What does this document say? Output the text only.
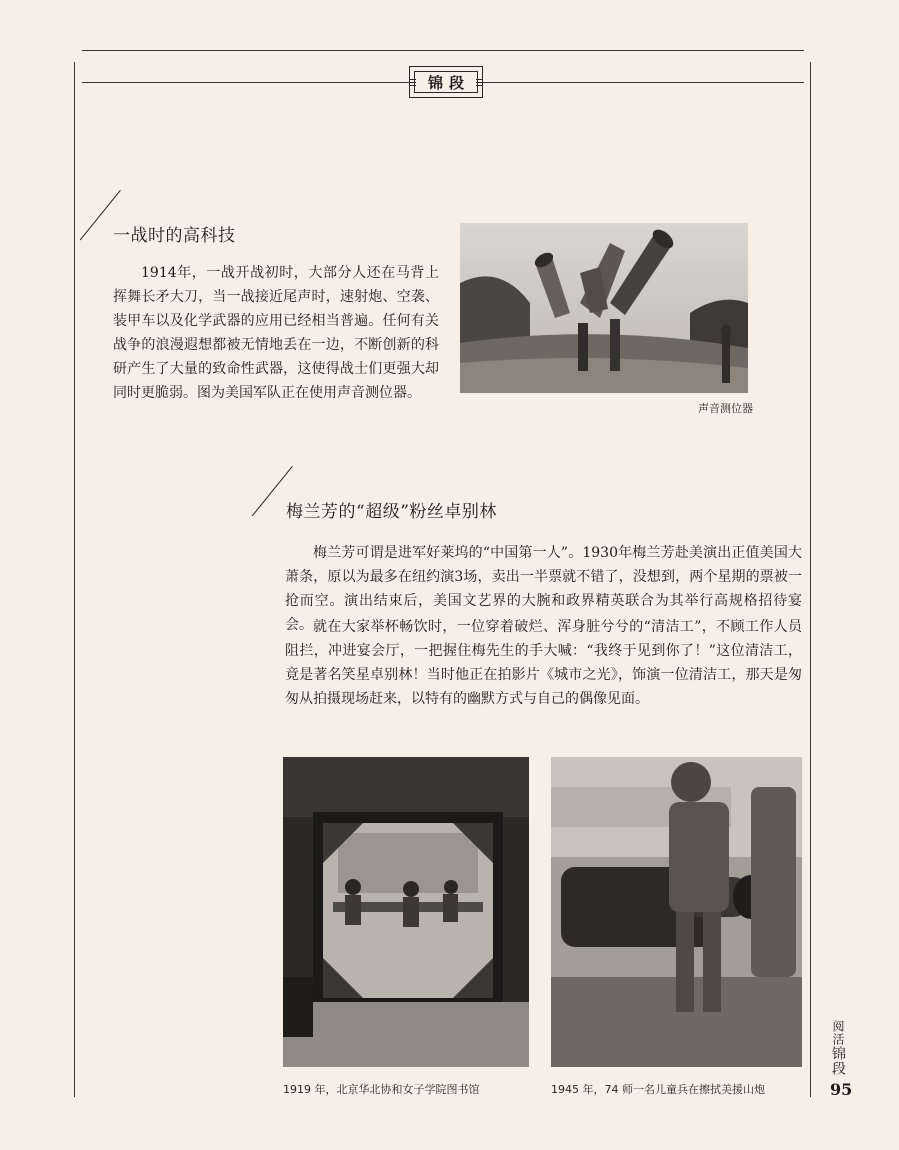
锦段
一战时的高科技

1914年，一战开战初时，大部分人还在马背上挥舞长矛大刀，当一战接近尾声时，速射炮、空袭、装甲车以及化学武器的应用已经相当普遍。任何有关战争的浪漫遐想都被无情地丢在一边，不断创新的科研产生了大量的致命性武器，这使得战士们更强大却同时更脆弱。图为美国军队正在使用声音测位器。

声音测位器
梅兰芳的“超级”粉丝卓别林

梅兰芳可谓是进军好莱坞的“中国第一人”。1930年梅兰芳赴美演出正值美国大萧条，原以为最多在纽约演3场，卖出一半票就不错了，没想到，两个星期的票被一抢而空。演出结束后，美国文艺界的大腕和政界精英联合为其举行高规格招待宴会。 就在大家举杯畅饮时，一位穿着破烂、浑身脏兮兮的“清洁工”，不顾工作人员阻拦，冲进宴会厅，一把握住梅先生的手大喊：“我终于见到你了！”这位清洁工，竟是著名笑星卓别林！当时他正在拍影片《城市之光》，饰演一位清洁工，那天是匆匆从拍摄现场赶来，以特有的幽默方式与自己的偶像见面。

1919 年，北京华北协和女子学院图书馆	1945 年，74 师一名儿童兵在擦拭美援山炮
阅活锦段
95
